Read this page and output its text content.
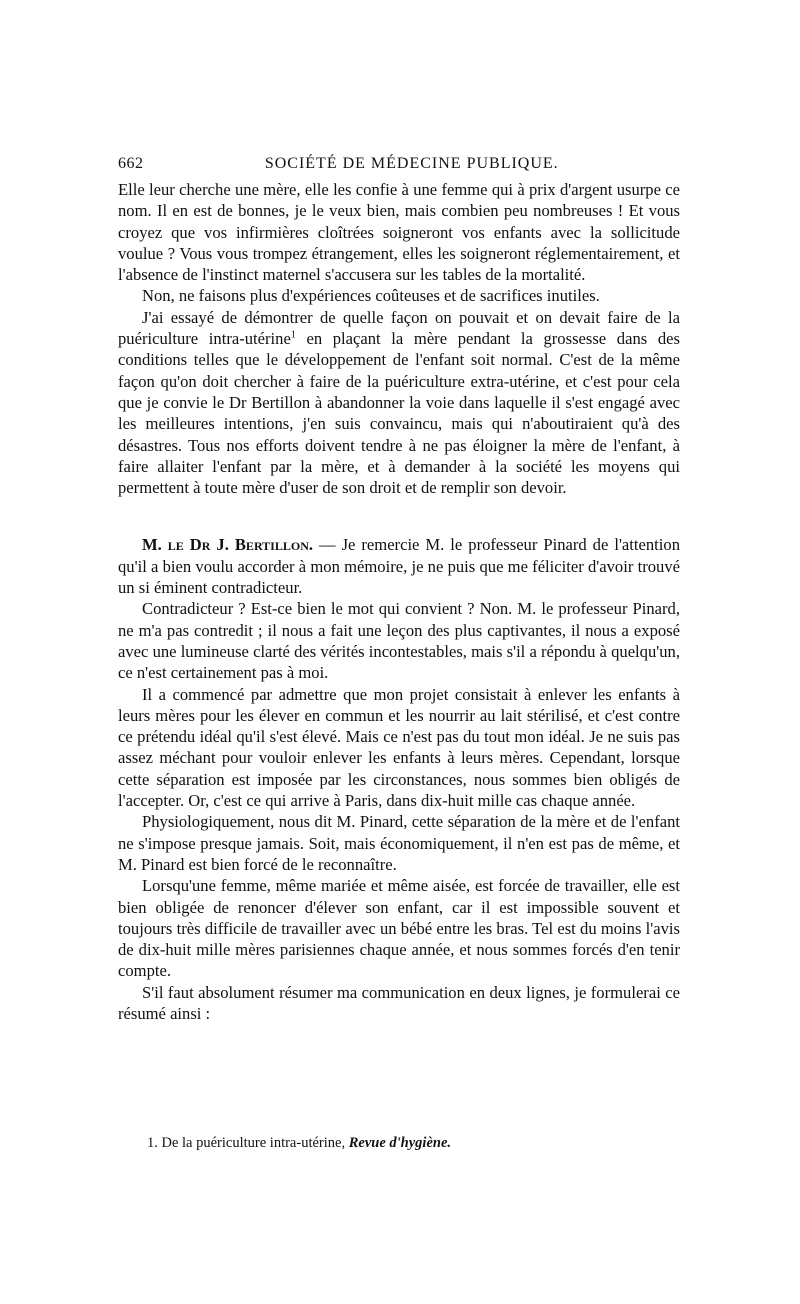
662	SOCIÉTÉ DE MÉDECINE PUBLIQUE.

Elle leur cherche une mère, elle les confie à une femme qui à prix d'argent usurpe ce nom. Il en est de bonnes, je le veux bien, mais combien peu nombreuses ! Et vous croyez que vos infirmières cloîtrées soigneront vos enfants avec la sollicitude voulue ? Vous vous trompez étrangement, elles les soigneront réglementairement, et l'absence de l'instinct maternel s'accusera sur les tables de la mortalité.

Non, ne faisons plus d'expériences coûteuses et de sacrifices inutiles.

J'ai essayé de démontrer de quelle façon on pouvait et on devait faire de la puériculture intra-utérine$^1$ en plaçant la mère pendant la grossesse dans des conditions telles que le développement de l'enfant soit normal. C'est de la même façon qu'on doit chercher à faire de la puériculture extra-utérine, et c'est pour cela que je convie le Dr Bertillon à abandonner la voie dans laquelle il s'est engagé avec les meilleures intentions, j'en suis convaincu, mais qui n'aboutiraient qu'à des désastres. Tous nos efforts doivent tendre à ne pas éloigner la mère de l'enfant, à faire allaiter l'enfant par la mère, et à demander à la société les moyens qui permettent à toute mère d'user de son droit et de remplir son devoir.

M. le Dr J. Bertillon. — Je remercie M. le professeur Pinard de l'attention qu'il a bien voulu accorder à mon mémoire, je ne puis que me féliciter d'avoir trouvé un si éminent contradicteur.

Contradicteur ? Est-ce bien le mot qui convient ? Non. M. le professeur Pinard, ne m'a pas contredit ; il nous a fait une leçon des plus captivantes, il nous a exposé avec une lumineuse clarté des vérités incontestables, mais s'il a répondu à quelqu'un, ce n'est certainement pas à moi.

Il a commencé par admettre que mon projet consistait à enlever les enfants à leurs mères pour les élever en commun et les nourrir au lait stérilisé, et c'est contre ce prétendu idéal qu'il s'est élevé. Mais ce n'est pas du tout mon idéal. Je ne suis pas assez méchant pour vouloir enlever les enfants à leurs mères. Cependant, lorsque cette séparation est imposée par les circonstances, nous sommes bien obligés de l'accepter. Or, c'est ce qui arrive à Paris, dans dix-huit mille cas chaque année.

Physiologiquement, nous dit M. Pinard, cette séparation de la mère et de l'enfant ne s'impose presque jamais. Soit, mais économiquement, il n'en est pas de même, et M. Pinard est bien forcé de le reconnaître.

Lorsqu'une femme, même mariée et même aisée, est forcée de travailler, elle est bien obligée de renoncer d'élever son enfant, car il est impossible souvent et toujours très difficile de travailler avec un bébé entre les bras. Tel est du moins l'avis de dix-huit mille mères parisiennes chaque année, et nous sommes forcés d'en tenir compte.

S'il faut absolument résumer ma communication en deux lignes, je formulerai ce résumé ainsi :

1. De la puériculture intra-utérine, Revue d'hygiène.
